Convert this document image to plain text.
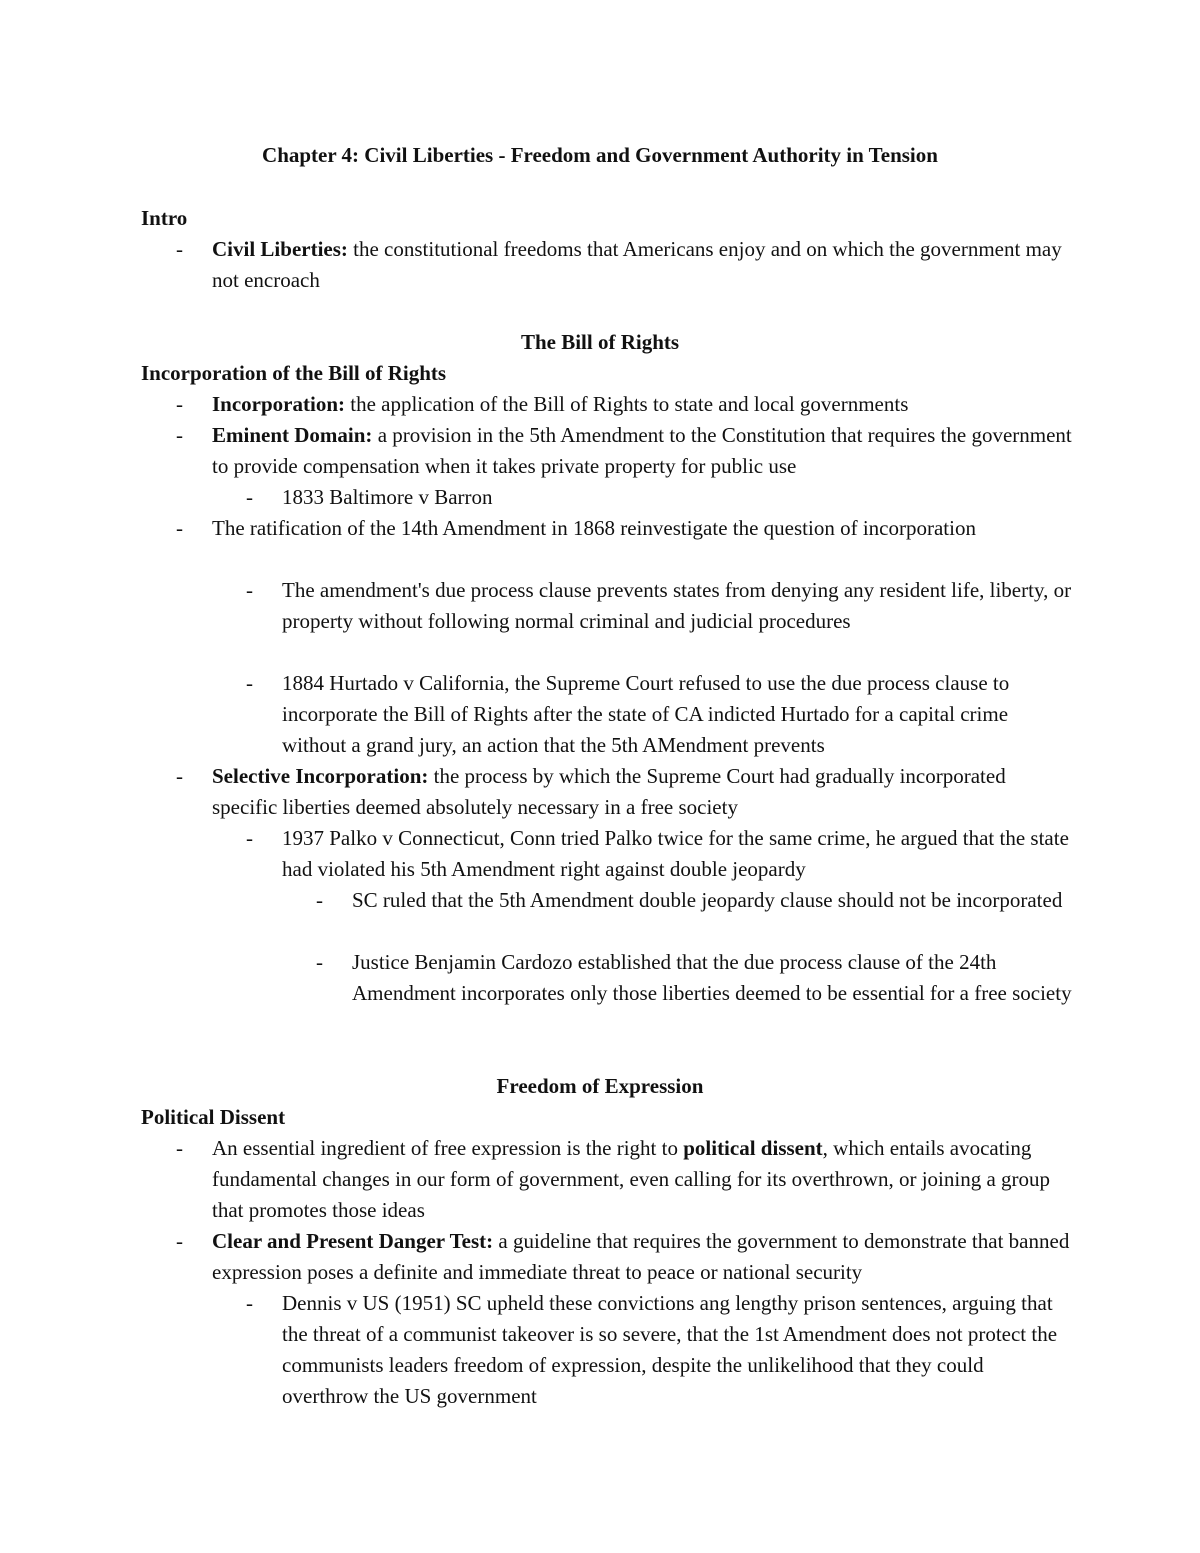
Chapter 4: Civil Liberties - Freedom and Government Authority in Tension
Intro
- Civil Liberties: the constitutional freedoms that Americans enjoy and on which the government may not encroach
The Bill of Rights
Incorporation of the Bill of Rights
- Incorporation: the application of the Bill of Rights to state and local governments
- Eminent Domain: a provision in the 5th Amendment to the Constitution that requires the government to provide compensation when it takes private property for public use
- 1833 Baltimore v Barron
- The ratification of the 14th Amendment in 1868 reinvestigate the question of incorporation
- The amendment's due process clause prevents states from denying any resident life, liberty, or property without following normal criminal and judicial procedures
- 1884 Hurtado v California, the Supreme Court refused to use the due process clause to incorporate the Bill of Rights after the state of CA indicted Hurtado for a capital crime without a grand jury, an action that the 5th AMendment prevents
- Selective Incorporation: the process by which the Supreme Court had gradually incorporated specific liberties deemed absolutely necessary in a free society
- 1937 Palko v Connecticut, Conn tried Palko twice for the same crime, he argued that the state had violated his 5th Amendment right against double jeopardy
- SC ruled that the 5th Amendment double jeopardy clause should not be incorporated
- Justice Benjamin Cardozo established that the due process clause of the 24th Amendment incorporates only those liberties deemed to be essential for a free society
Freedom of Expression
Political Dissent
- An essential ingredient of free expression is the right to political dissent, which entails avocating fundamental changes in our form of government, even calling for its overthrown, or joining a group that promotes those ideas
- Clear and Present Danger Test: a guideline that requires the government to demonstrate that banned expression poses a definite and immediate threat to peace or national security
- Dennis v US (1951) SC upheld these convictions ang lengthy prison sentences, arguing that the threat of a communist takeover is so severe, that the 1st Amendment does not protect the communists leaders freedom of expression, despite the unlikelihood that they could overthrow the US government
